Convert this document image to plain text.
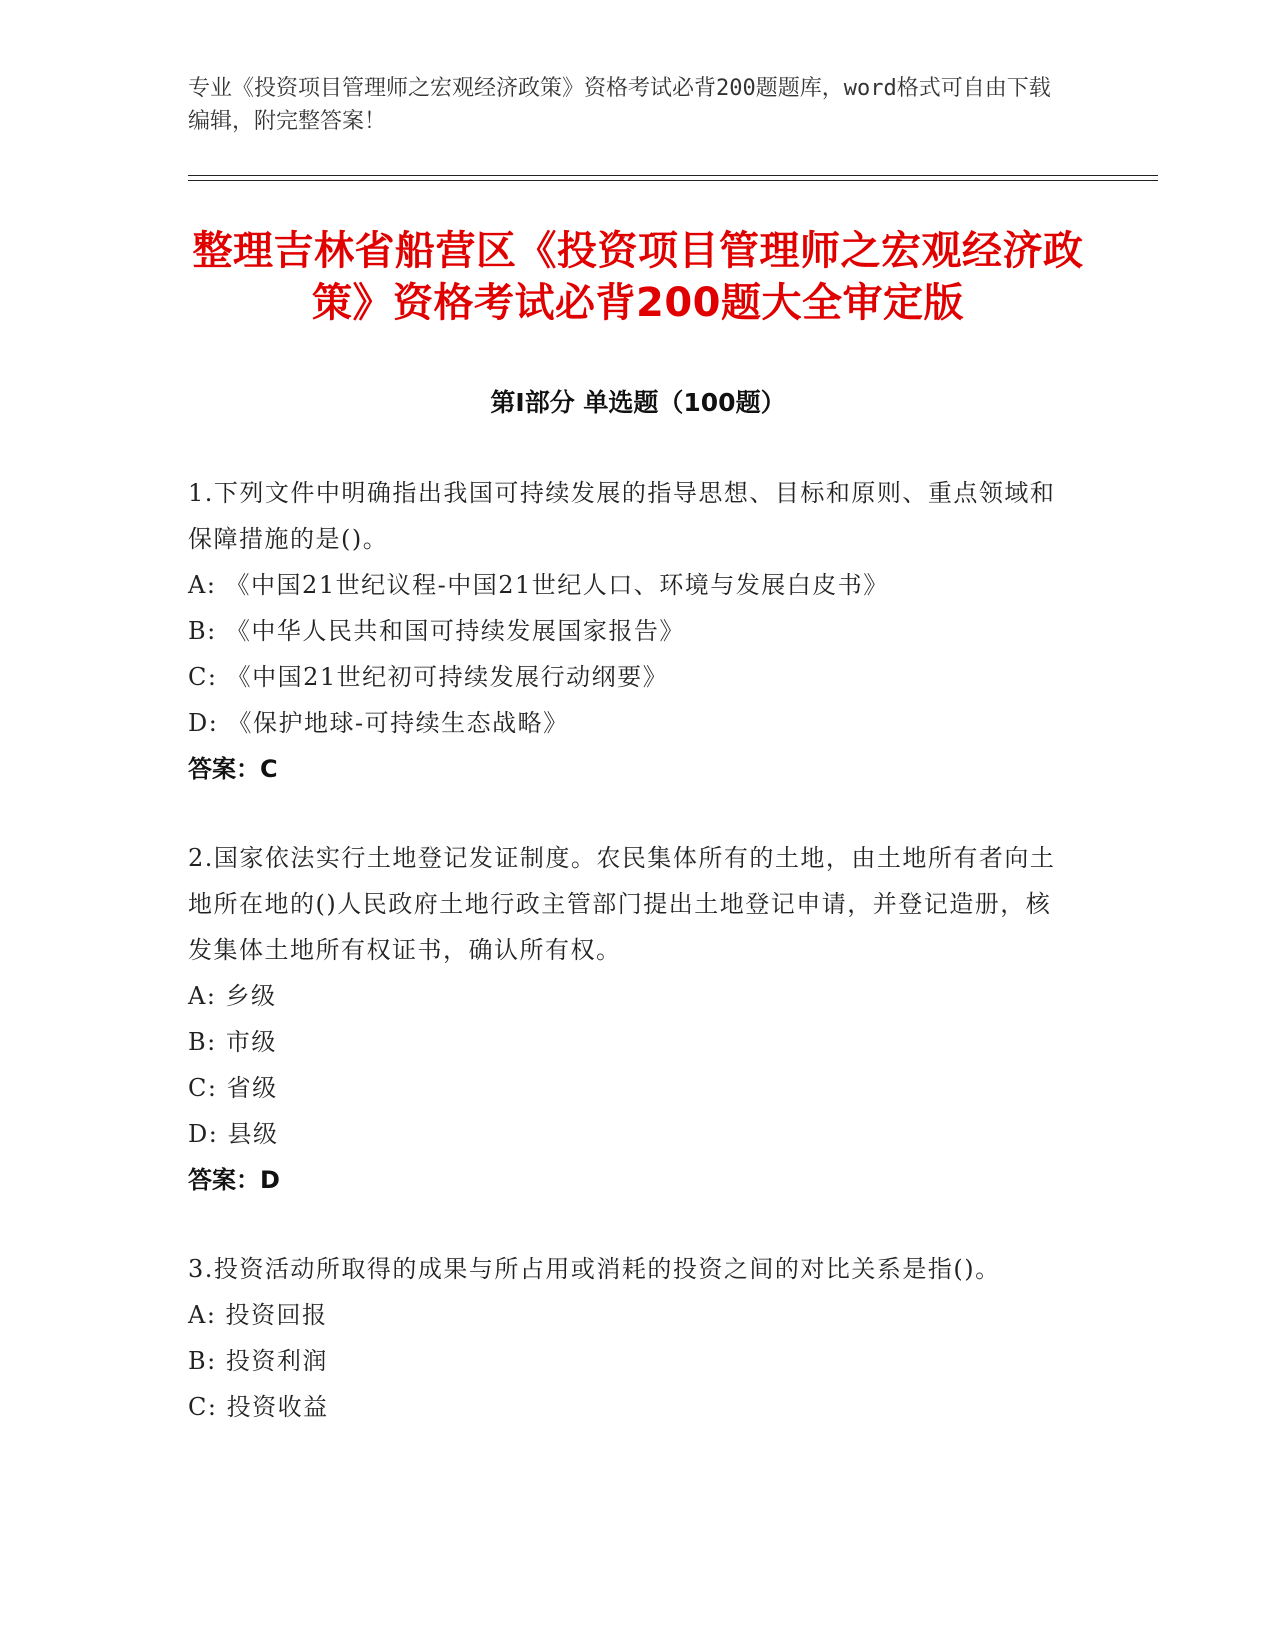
专业《投资项目管理师之宏观经济政策》资格考试必背200题题库，word格式可自由下载编辑，附完整答案！

整理吉林省船营区《投资项目管理师之宏观经济政策》资格考试必背200题大全审定版
第I部分 单选题（100题）

1.下列文件中明确指出我国可持续发展的指导思想、目标和原则、重点领域和保障措施的是()。

A: 《中国21世纪议程-中国21世纪人口、环境与发展白皮书》

B: 《中华人民共和国可持续发展国家报告》

C: 《中国21世纪初可持续发展行动纲要》

D: 《保护地球-可持续生态战略》

答案：C

2.国家依法实行土地登记发证制度。农民集体所有的土地，由土地所有者向土地所在地的()人民政府土地行政主管部门提出土地登记申请，并登记造册，核发集体土地所有权证书，确认所有权。

A: 乡级

B: 市级

C: 省级

D: 县级

答案：D

3.投资活动所取得的成果与所占用或消耗的投资之间的对比关系是指()。

A: 投资回报

B: 投资利润

C: 投资收益
